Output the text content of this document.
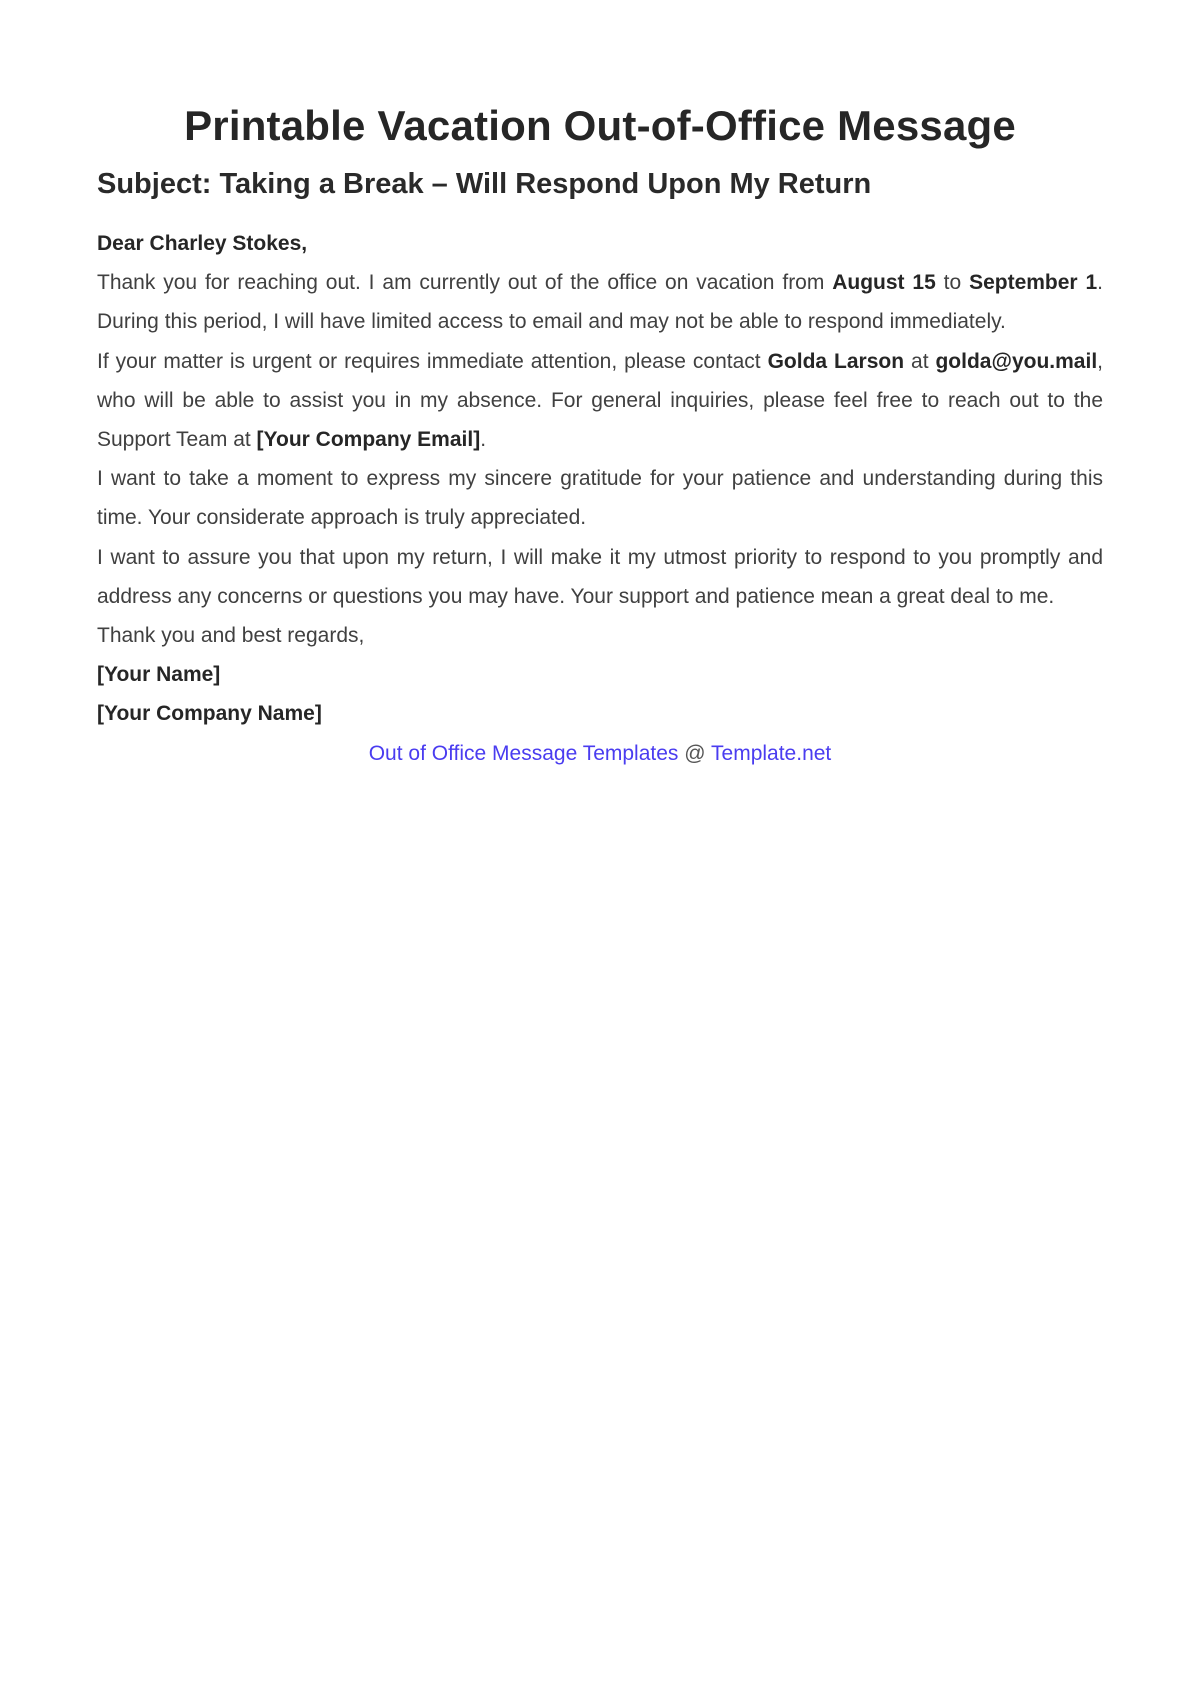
Printable Vacation Out-of-Office Message
Subject: Taking a Break – Will Respond Upon My Return

Dear Charley Stokes,

Thank you for reaching out. I am currently out of the office on vacation from August 15 to September 1. During this period, I will have limited access to email and may not be able to respond immediately.

If your matter is urgent or requires immediate attention, please contact Golda Larson at golda@you.mail, who will be able to assist you in my absence. For general inquiries, please feel free to reach out to the Support Team at [Your Company Email].

I want to take a moment to express my sincere gratitude for your patience and understanding during this time. Your considerate approach is truly appreciated.

I want to assure you that upon my return, I will make it my utmost priority to respond to you promptly and address any concerns or questions you may have. Your support and patience mean a great deal to me.

Thank you and best regards,

[Your Name]

[Your Company Name]

Out of Office Message Templates @ Template.net
